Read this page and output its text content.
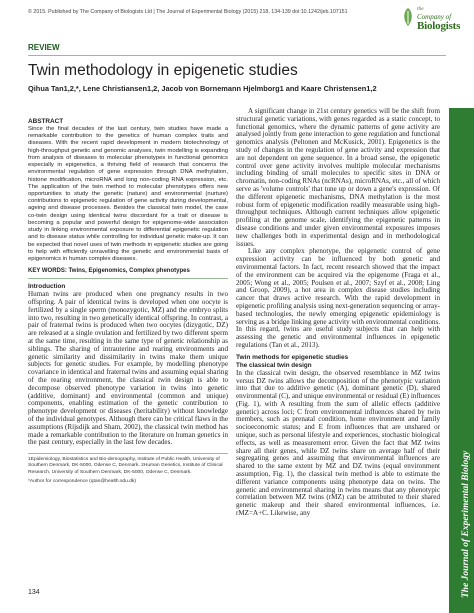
© 2015. Published by The Company of Biologists Ltd | The Journal of Experimental Biology (2015) 218, 134-139 doi:10.1242/jeb.107151	the
Company of
Biologists
REVIEW
Twin methodology in epigenetic studies
Qihua Tan1,2,*, Lene Christiansen1,2, Jacob von Bornemann Hjelmborg1 and Kaare Christensen1,2
ABSTRACT
Since the final decades of the last century, twin studies have made a remarkable contribution to the genetics of human complex traits and diseases. With the recent rapid development in modern biotechnology of high-throughput genetic and genomic analyses, twin modelling is expanding from analysis of diseases to molecular phenotypes in functional genomics especially in epigenetics, a thriving field of research that concerns the environmental regulation of gene expression through DNA methylation, histone modification, microRNA and long non-coding RNA expression, etc. The application of the twin method to molecular phenotypes offers new opportunities to study the genetic (nature) and environmental (nurture) contributions to epigenetic regulation of gene activity during developmental, ageing and disease processes. Besides the classical twin model, the case co-twin design using identical twins discordant for a trait or disease is becoming a popular and powerful design for epigenome-wide association study in linking environmental exposure to differential epigenetic regulation and to disease status while controlling for individual genetic make-up. It can be expected that novel uses of twin methods in epigenetic studies are going to help with efficiently unravelling the genetic and environmental basis of epigenomics in human complex diseases.
KEY WORDS: Twins, Epigenomics, Complex phenotypes
Introduction
Human twins are produced when one pregnancy results in two offspring. A pair of identical twins is developed when one oocyte is fertilized by a single sperm (monozygotic, MZ) and the embryo splits into two, resulting in two genetically identical offspring. In contrast, a pair of fraternal twins is produced when two oocytes (dizygotic, DZ) are released at a single ovulation and fertilized by two different sperm at the same time, resulting in the same type of genetic relationship as siblings. The sharing of intrauterine and rearing environments and genetic similarity and dissimilarity in twins make them unique subjects for genetic studies. For example, by modelling phenotype covariance in identical and fraternal twins and assuming equal sharing of the rearing environment, the classical twin design is able to decompose observed phenotype variation in twins into genetic (additive, dominant) and environmental (common and unique) components, enabling estimation of the genetic contribution to phenotype development or diseases (heritability) without knowledge of the individual genotypes. Although there can be critical flaws in the assumptions (Rijsdijk and Sham, 2002), the classical twin method has made a remarkable contribution to the literature on human genetics in the past century, especially in the last few decades.
1Epidemiology, Biostatistics and Bio-demography, Institute of Public Health, University of Southern Denmark, DK-5000, Odense C, Denmark. 2Human Genetics, Institute of Clinical Research, University of Southern Denmark, DK-5000, Odense C, Denmark.
*Author for correspondence (qtan@health.sdu.dk)
134
A significant change in 21st century genetics will be the shift from structural genetic variations, with genes regarded as a static concept, to functional genomics, where the dynamic patterns of gene activity are analysed jointly from gene interaction to gene regulation and functional genomics analysis (Peltonen and McKusick, 2001). Epigenetics is the study of changes in the regulation of gene activity and expression that are not dependent on gene sequence. In a broad sense, the epigenetic control over gene activity involves multiple molecular mechanisms including binding of small molecules to specific sites in DNA or chromatin, non-coding RNAs (ncRNAs), microRNAs, etc., all of which serve as 'volume controls' that tune up or down a gene's expression. Of the different epigenetic mechanisms, DNA methylation is the most robust form of epigenetic modification readily measurable using high-throughput techniques. Although current techniques allow epigenetic profiling at the genome scale, identifying the epigenetic patterns in disease conditions and under given environmental exposures imposes new challenges both in experimental design and in methodological issues.
Like any complex phenotype, the epigenetic control of gene expression activity can be influenced by both genetic and environmental factors. In fact, recent research showed that the impact of the environment can be acquired via the epigenome (Fraga et al., 2005; Wong et al., 2005; Poulsen et al., 2007; Szyf et al., 2008; Ling and Groop, 2009), a hot area in complex disease studies including cancer that draws active research. With the rapid development in epigenetic profiling analysis using next-generation sequencing or array-based technologies, the newly emerging epigenetic epidemiology is serving as a bridge linking gene activity with environmental conditions. In this regard, twins are useful study subjects that can help with assessing the genetic and environmental influences in epigenetic regulations (Tan et al., 2013).
Twin methods for epigenetic studies
The classical twin design
In the classical twin design, the observed resemblance in MZ twins versus DZ twins allows the decomposition of the phenotypic variation into that due to additive genetic (A), dominant genetic (D), shared environmental (C), and unique environmental or residual (E) influences (Fig. 1), with A resulting from the sum of allelic effects (additive genetic) across loci; C from environmental influences shared by twin members, such as prenatal condition, home environment and family socioeconomic status; and E from influences that are unshared or unique, such as personal lifestyle and experiences, stochastic biological effects, as well as measurement error. Given the fact that MZ twins share all their genes, while DZ twins share on average half of their segregating genes and assuming that environmental influences are shared to the same extent by MZ and DZ twins (equal environment assumption, Fig. 1), the classical twin method is able to estimate the different variance components using phenotype data on twins. The genetic and environmental sharing in twins means that any phenotypic correlation between MZ twins (rMZ) can be attributed to their shared genetic makeup and their shared environmental influences, i.e. rMZ=A+C. Likewise, any	The Journal of Experimental Biology
